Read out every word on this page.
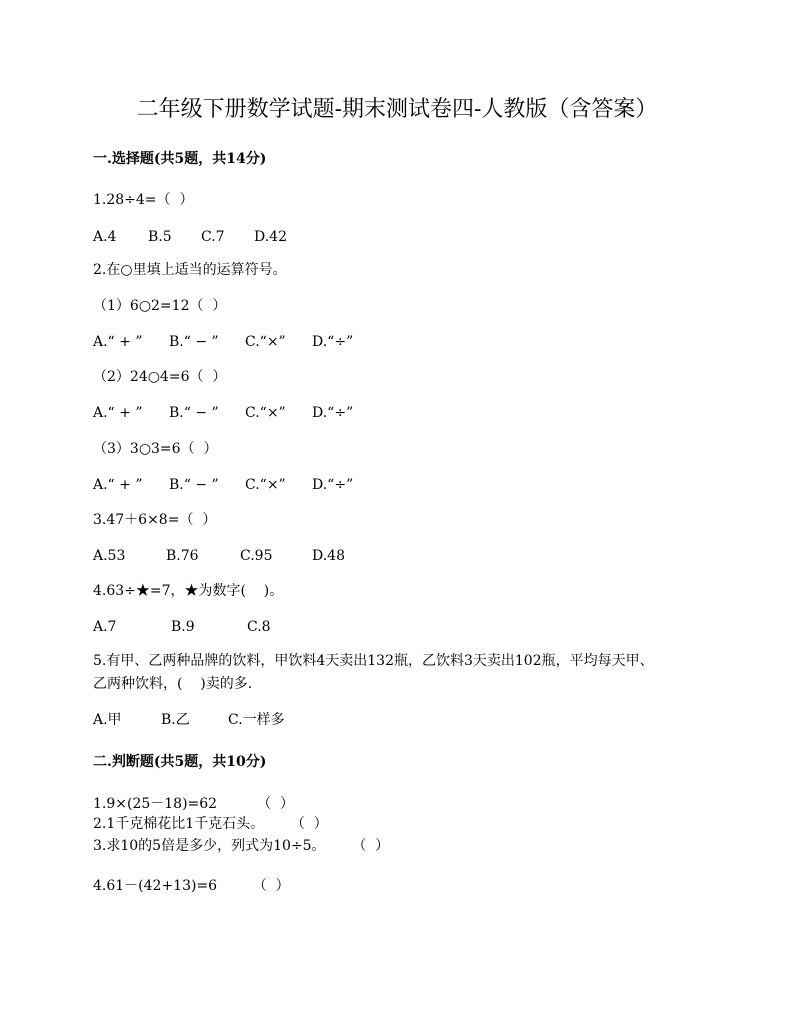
二年级下册数学试题-期末测试卷四-人教版（含答案）
一.选择题(共5题，共14分)
1.28÷4=（  ）
A.4 B.5 C.7 D.42
2.在○里填上适当的运算符号。
（1）6○2=12（  ）
A.“ + ” B.“ − ” C.“×” D.“÷”
（2）24○4=6（  ）
A.“ + ” B.“ − ” C.“×” D.“÷”
（3）3○3=6（  ）
A.“ + ” B.“ − ” C.“×” D.“÷”
3.47＋6×8=（  ）
A.53	B.76	C.95	D.48
4.63÷★=7，★为数字(    )。
A.7	B.9	C.8
5.有甲、乙两种品牌的饮料，甲饮料4天卖出132瓶，乙饮料3天卖出102瓶，平均每天甲、
乙两种饮料，(    )卖的多.
A.甲	B.乙	C.一样多
二.判断题(共5题，共10分)
1.9×(25－18)=62         （  ）
2.1千克棉花比1千克石头。      （  ）
3.求10的5倍是多少，列式为10÷5。      （  ）
4.61－(42+13)=6        （  ）
